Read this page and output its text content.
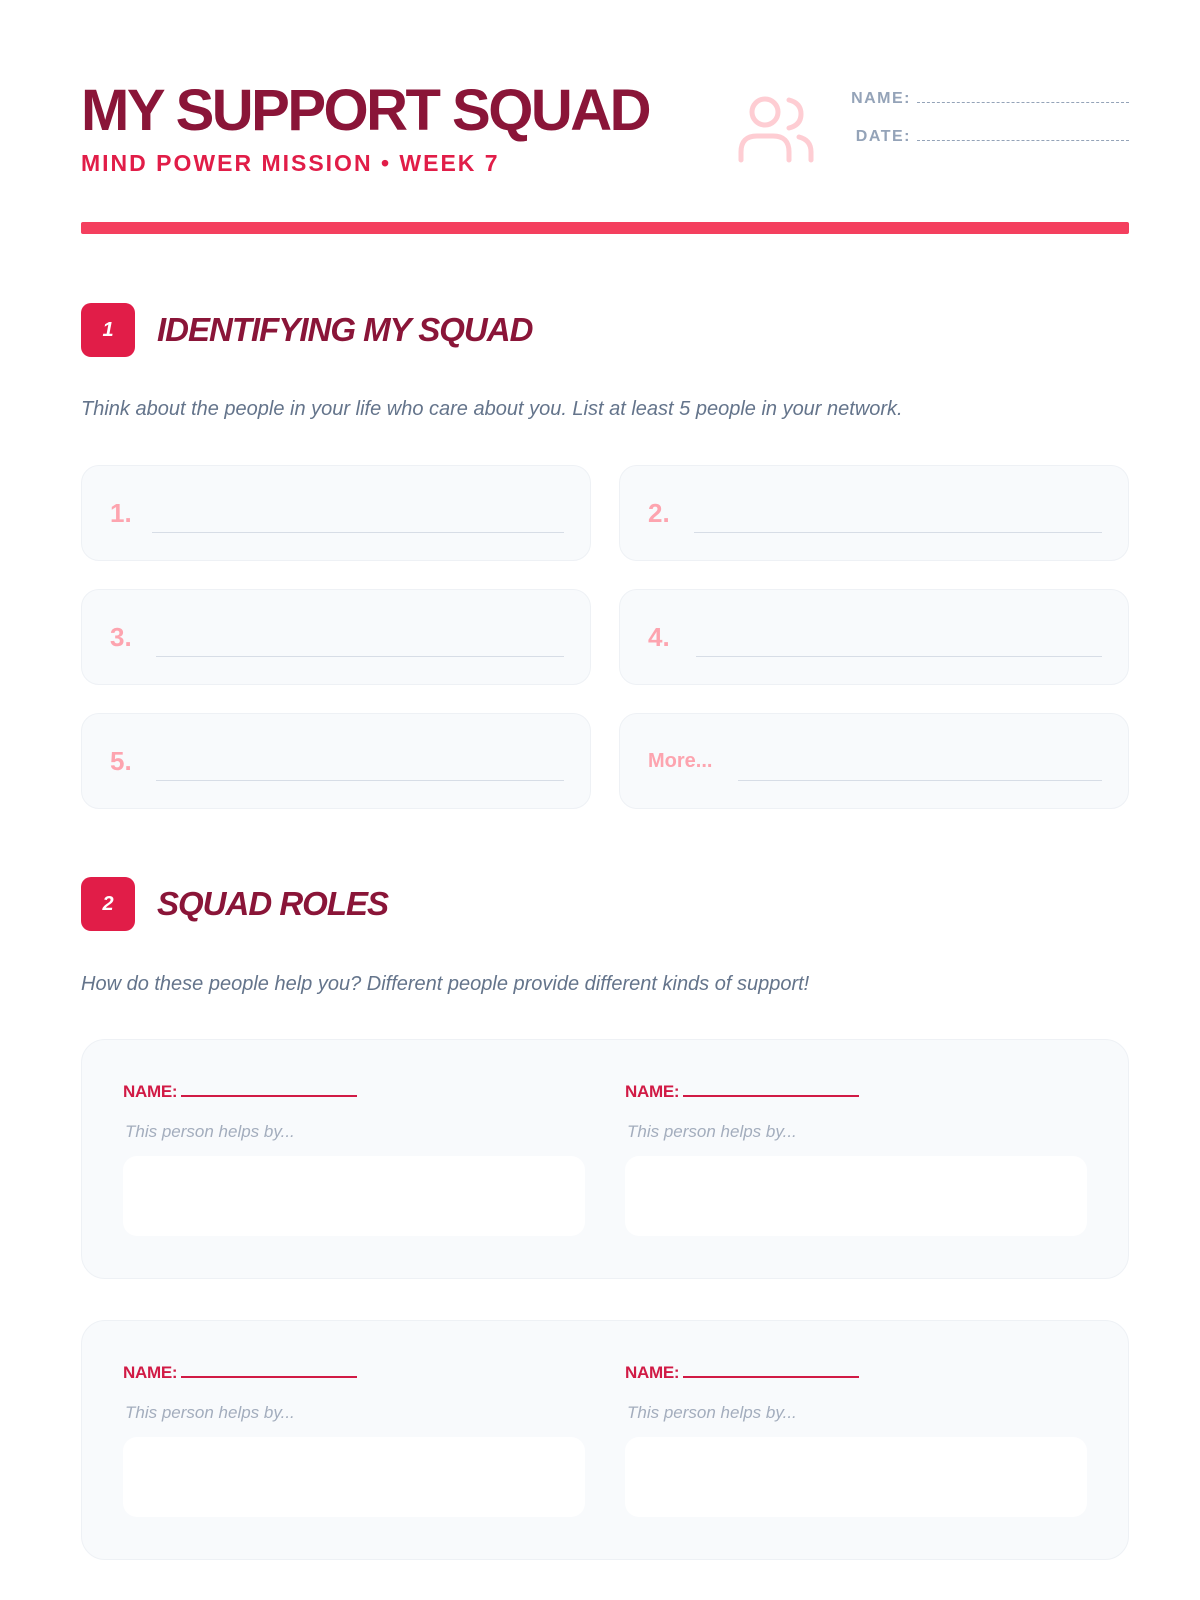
MY SUPPORT SQUAD
MIND POWER MISSION • WEEK 7
NAME:
DATE:
1	IDENTIFYING MY SQUAD
Think about the people in your life who care about you. List at least 5 people in your network.
1.	2.
3.	4.
5.	More...
2	SQUAD ROLES
How do these people help you? Different people provide different kinds of support!
NAME:
This person helps by...
NAME:
This person helps by...
NAME:
This person helps by...
NAME:
This person helps by...
